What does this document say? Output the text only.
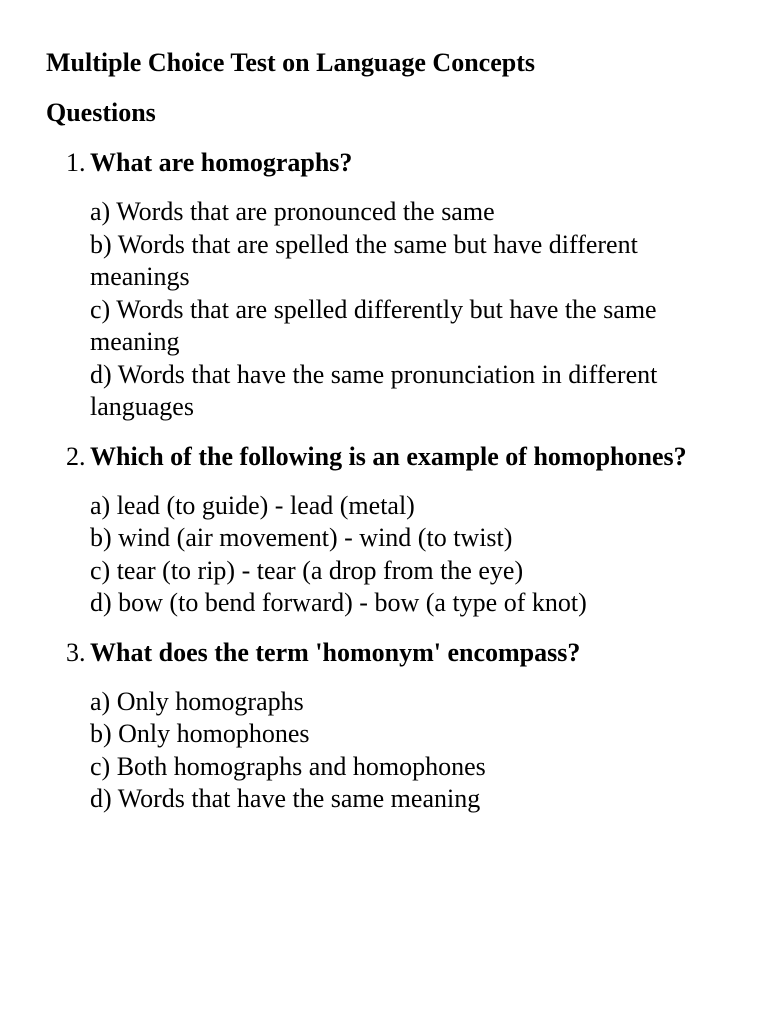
Multiple Choice Test on Language Concepts
Questions
1. What are homographs?
a) Words that are pronounced the same
b) Words that are spelled the same but have different meanings
c) Words that are spelled differently but have the same meaning
d) Words that have the same pronunciation in different languages
2. Which of the following is an example of homophones?
a) lead (to guide) - lead (metal)
b) wind (air movement) - wind (to twist)
c) tear (to rip) - tear (a drop from the eye)
d) bow (to bend forward) - bow (a type of knot)
3. What does the term 'homonym' encompass?
a) Only homographs
b) Only homophones
c) Both homographs and homophones
d) Words that have the same meaning
